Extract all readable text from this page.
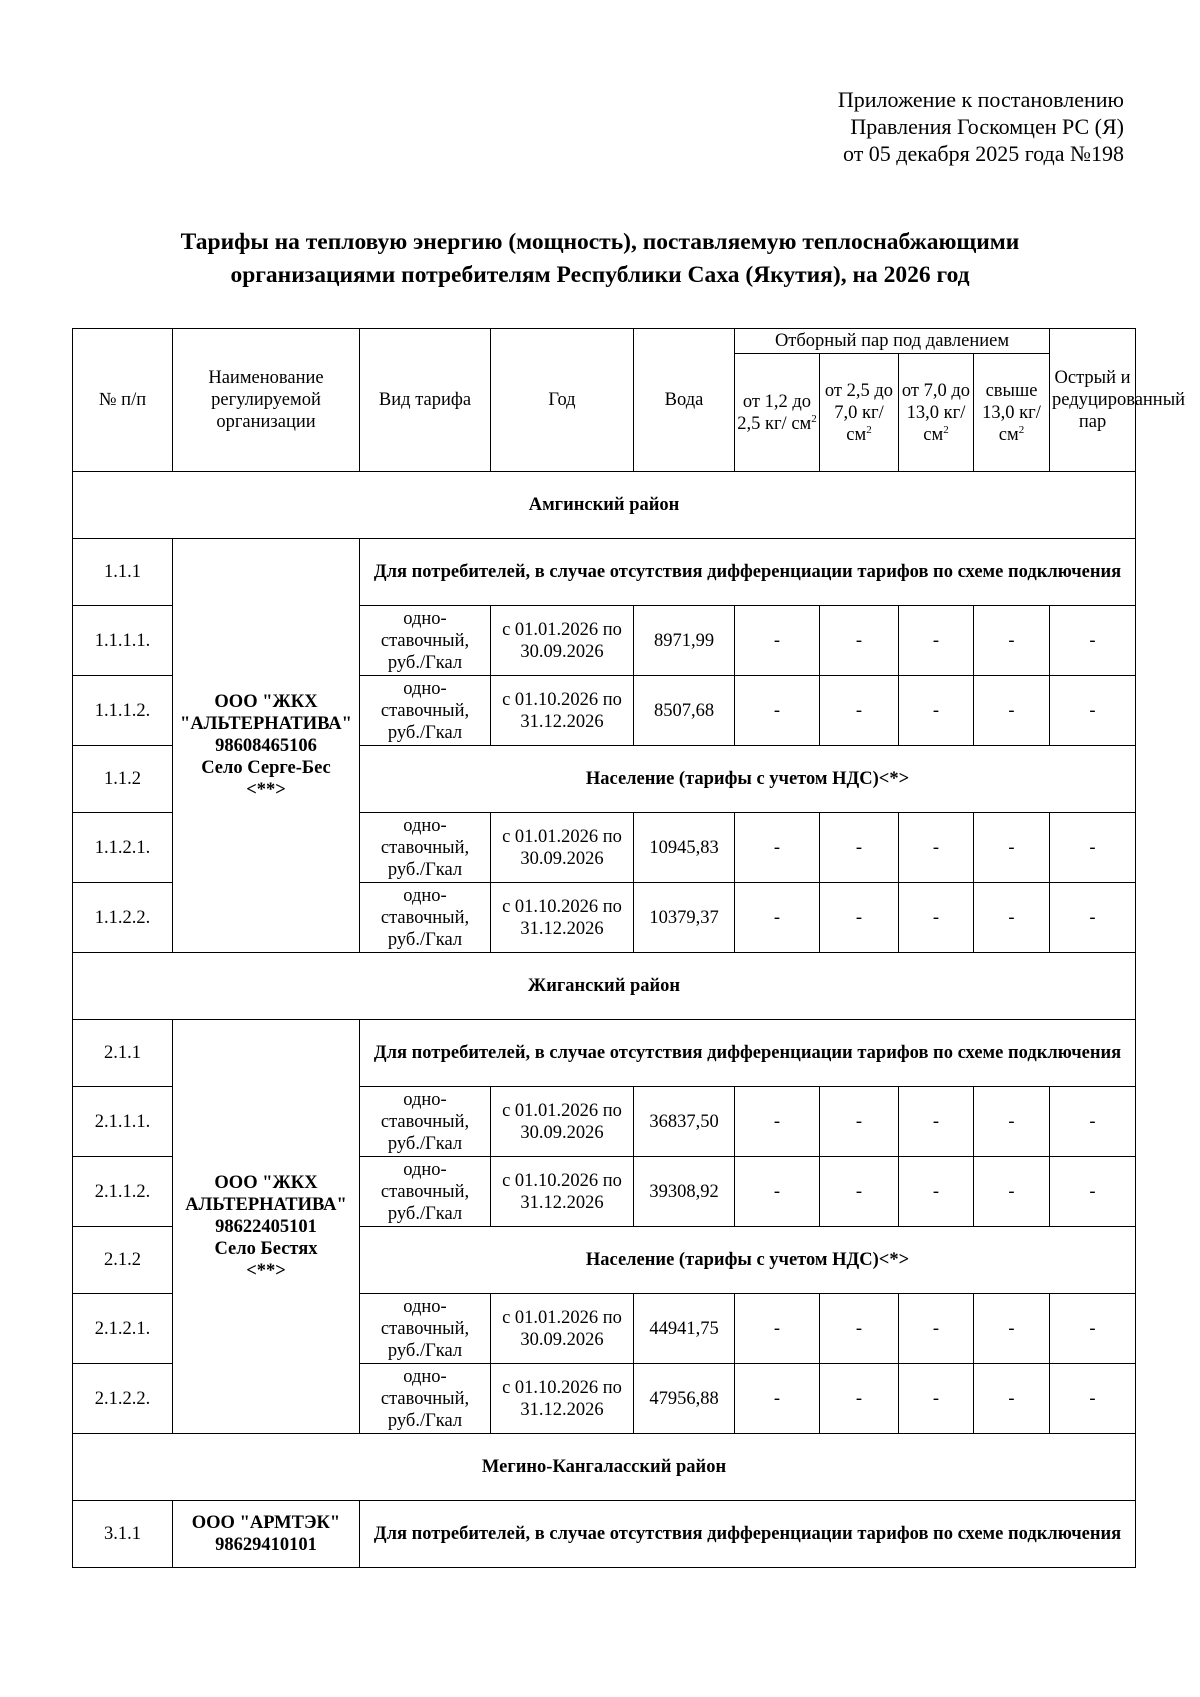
Приложение к постановлению
Правления Госкомцен РС (Я)
от 05 декабря 2025 года №198
Тарифы на тепловую энергию (мощность), поставляемую теплоснабжающими
организациями потребителям Республики Саха (Якутия), на 2026 год
№ п/п	Наименование регулируемой организации	Вид тарифа	Год	Вода	Отборный пар под давлением				Острый и редуцированный пар
					от 1,2 до 2,5 кг/ $см^2$	от 2,5 до 7,0 кг/ $см^2$	от 7,0 до 13,0 кг/ $см^2$	свыше 13,0 кг/ $см^2$
Амгинский район									
1.1.1	ООО "ЖКХ "АЛЬТЕРНАТИВА"
98608465106
Село Серге-Бес
<**>	Для потребителей, в случае отсутствия дифференциации тарифов по схеме подключения							
1.1.1.1.		одно-ставочный, руб./Гкал	с 01.01.2026 по 30.09.2026	8971,99	-	-	-	-	-
1.1.1.2.		одно-ставочный, руб./Гкал	с 01.10.2026 по 31.12.2026	8507,68	-	-	-	-	-
1.1.2		Население (тарифы с учетом НДС)<*>							
1.1.2.1.		одно-ставочный, руб./Гкал	с 01.01.2026 по 30.09.2026	10945,83	-	-	-	-	-
1.1.2.2.		одно-ставочный, руб./Гкал	с 01.10.2026 по 31.12.2026	10379,37	-	-	-	-	-
Жиганский район									
2.1.1	ООО "ЖКХ АЛЬТЕРНАТИВА"
98622405101
Село Бестях
<**>	Для потребителей, в случае отсутствия дифференциации тарифов по схеме подключения							
2.1.1.1.		одно-ставочный, руб./Гкал	с 01.01.2026 по 30.09.2026	36837,50	-	-	-	-	-
2.1.1.2.		одно-ставочный, руб./Гкал	с 01.10.2026 по 31.12.2026	39308,92	-	-	-	-	-
2.1.2		Население (тарифы с учетом НДС)<*>							
2.1.2.1.		одно-ставочный, руб./Гкал	с 01.01.2026 по 30.09.2026	44941,75	-	-	-	-	-
2.1.2.2.		одно-ставочный, руб./Гкал	с 01.10.2026 по 31.12.2026	47956,88	-	-	-	-	-
Мегино-Кангаласский район									
3.1.1	ООО "АРМТЭК"
98629410101	Для потребителей, в случае отсутствия дифференциации тарифов по схеме подключения							
